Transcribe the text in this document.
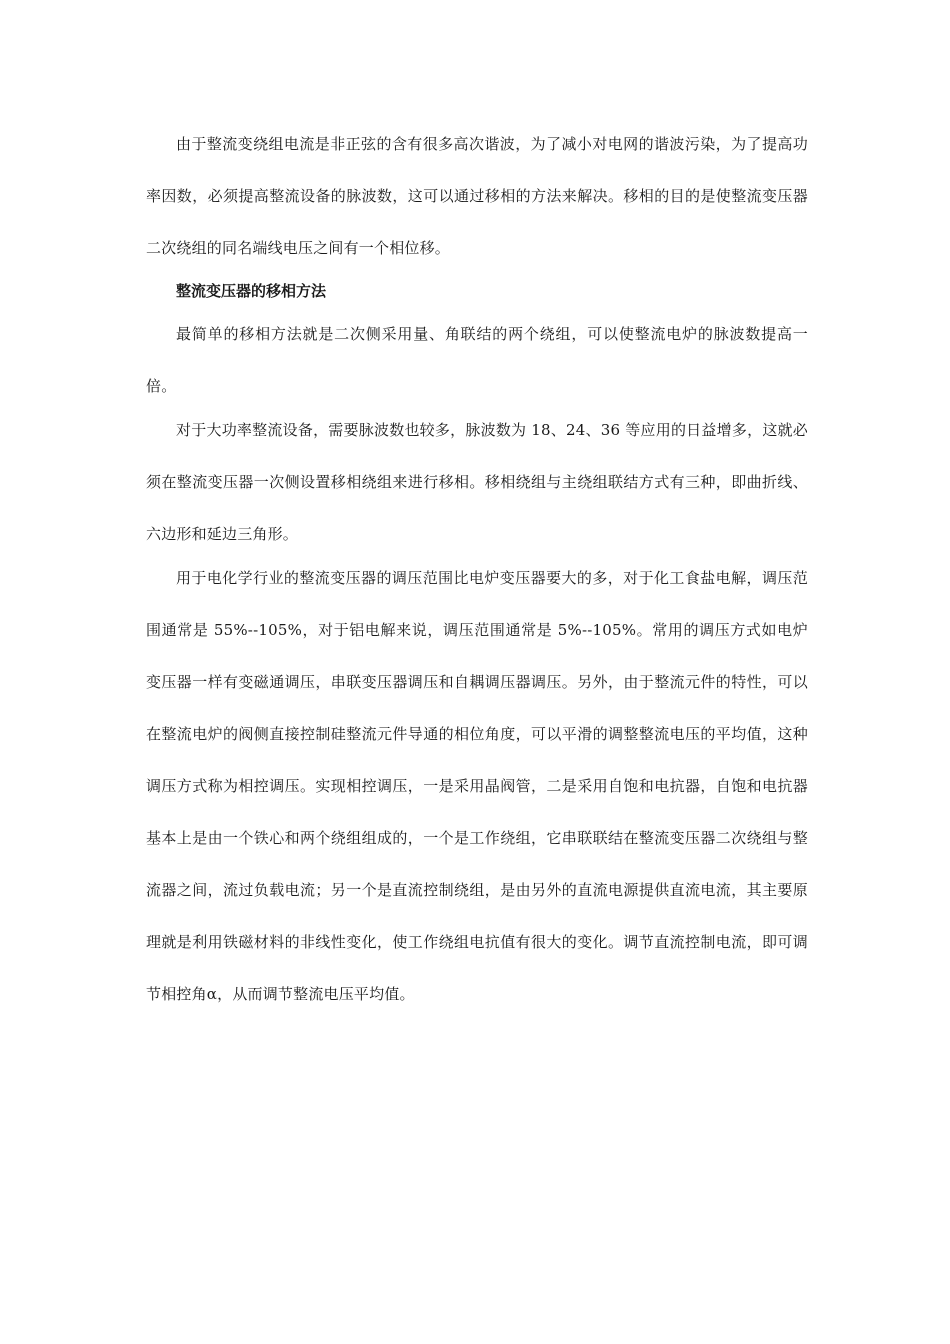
由于整流变绕组电流是非正弦的含有很多高次谐波，为了减小对电网的谐波污染，为了提高功率因数，必须提高整流设备的脉波数，这可以通过移相的方法来解决。移相的目的是使整流变压器二次绕组的同名端线电压之间有一个相位移。

整流变压器的移相方法

最简单的移相方法就是二次侧采用量、角联结的两个绕组，可以使整流电炉的脉波数提高一倍。

对于大功率整流设备，需要脉波数也较多，脉波数为 18、24、36 等应用的日益增多，这就必须在整流变压器一次侧设置移相绕组来进行移相。移相绕组与主绕组联结方式有三种，即曲折线、六边形和延边三角形。

用于电化学行业的整流变压器的调压范围比电炉变压器要大的多，对于化工食盐电解，调压范围通常是 55%--105%，对于铝电解来说，调压范围通常是 5%--105%。常用的调压方式如电炉变压器一样有变磁通调压，串联变压器调压和自耦调压器调压。另外，由于整流元件的特性，可以在整流电炉的阀侧直接控制硅整流元件导通的相位角度，可以平滑的调整整流电压的平均值，这种调压方式称为相控调压。实现相控调压，一是采用晶阀管，二是采用自饱和电抗器，自饱和电抗器基本上是由一个铁心和两个绕组组成的，一个是工作绕组，它串联联结在整流变压器二次绕组与整流器之间，流过负载电流；另一个是直流控制绕组，是由另外的直流电源提供直流电流，其主要原理就是利用铁磁材料的非线性变化，使工作绕组电抗值有很大的变化。调节直流控制电流，即可调节相控角α，从而调节整流电压平均值。
